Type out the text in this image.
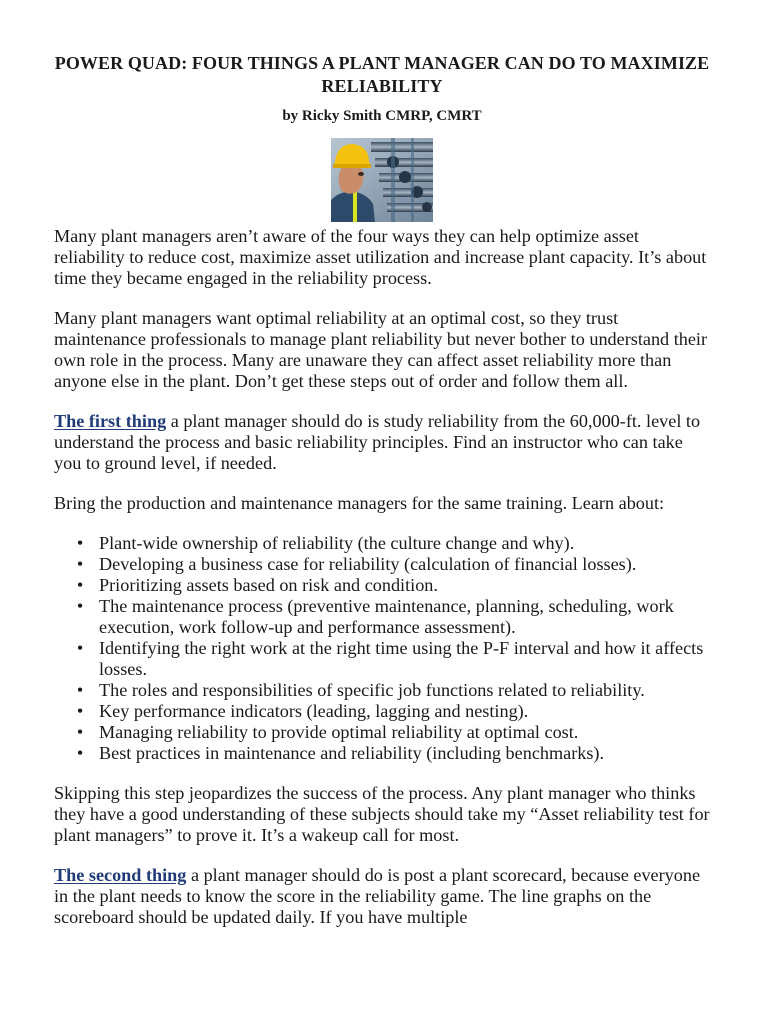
POWER QUAD: FOUR THINGS A PLANT MANAGER CAN DO TO MAXIMIZE RELIABILITY

by Ricky Smith CMRP, CMRT

Many plant managers aren’t aware of the four ways they can help optimize asset reliability to reduce cost, maximize asset utilization and increase plant capacity. It’s about time they became engaged in the reliability process.

Many plant managers want optimal reliability at an optimal cost, so they trust maintenance professionals to manage plant reliability but never bother to understand their own role in the process. Many are unaware they can affect asset reliability more than anyone else in the plant. Don’t get these steps out of order and follow them all.

The first thing a plant manager should do is study reliability from the 60,000-ft. level to understand the process and basic reliability principles. Find an instructor who can take you to ground level, if needed.

Bring the production and maintenance managers for the same training. Learn about:

• Plant-wide ownership of reliability (the culture change and why).
• Developing a business case for reliability (calculation of financial losses).
• Prioritizing assets based on risk and condition.
• The maintenance process (preventive maintenance, planning, scheduling, work execution, work follow-up and performance assessment).
• Identifying the right work at the right time using the P-F interval and how it affects losses.
• The roles and responsibilities of specific job functions related to reliability.
• Key performance indicators (leading, lagging and nesting).
• Managing reliability to provide optimal reliability at optimal cost.
• Best practices in maintenance and reliability (including benchmarks).

Skipping this step jeopardizes the success of the process. Any plant manager who thinks they have a good understanding of these subjects should take my “Asset reliability test for plant managers” to prove it. It’s a wakeup call for most.

The second thing a plant manager should do is post a plant scorecard, because everyone in the plant needs to know the score in the reliability game. The line graphs on the scoreboard should be updated daily. If you have multiple
